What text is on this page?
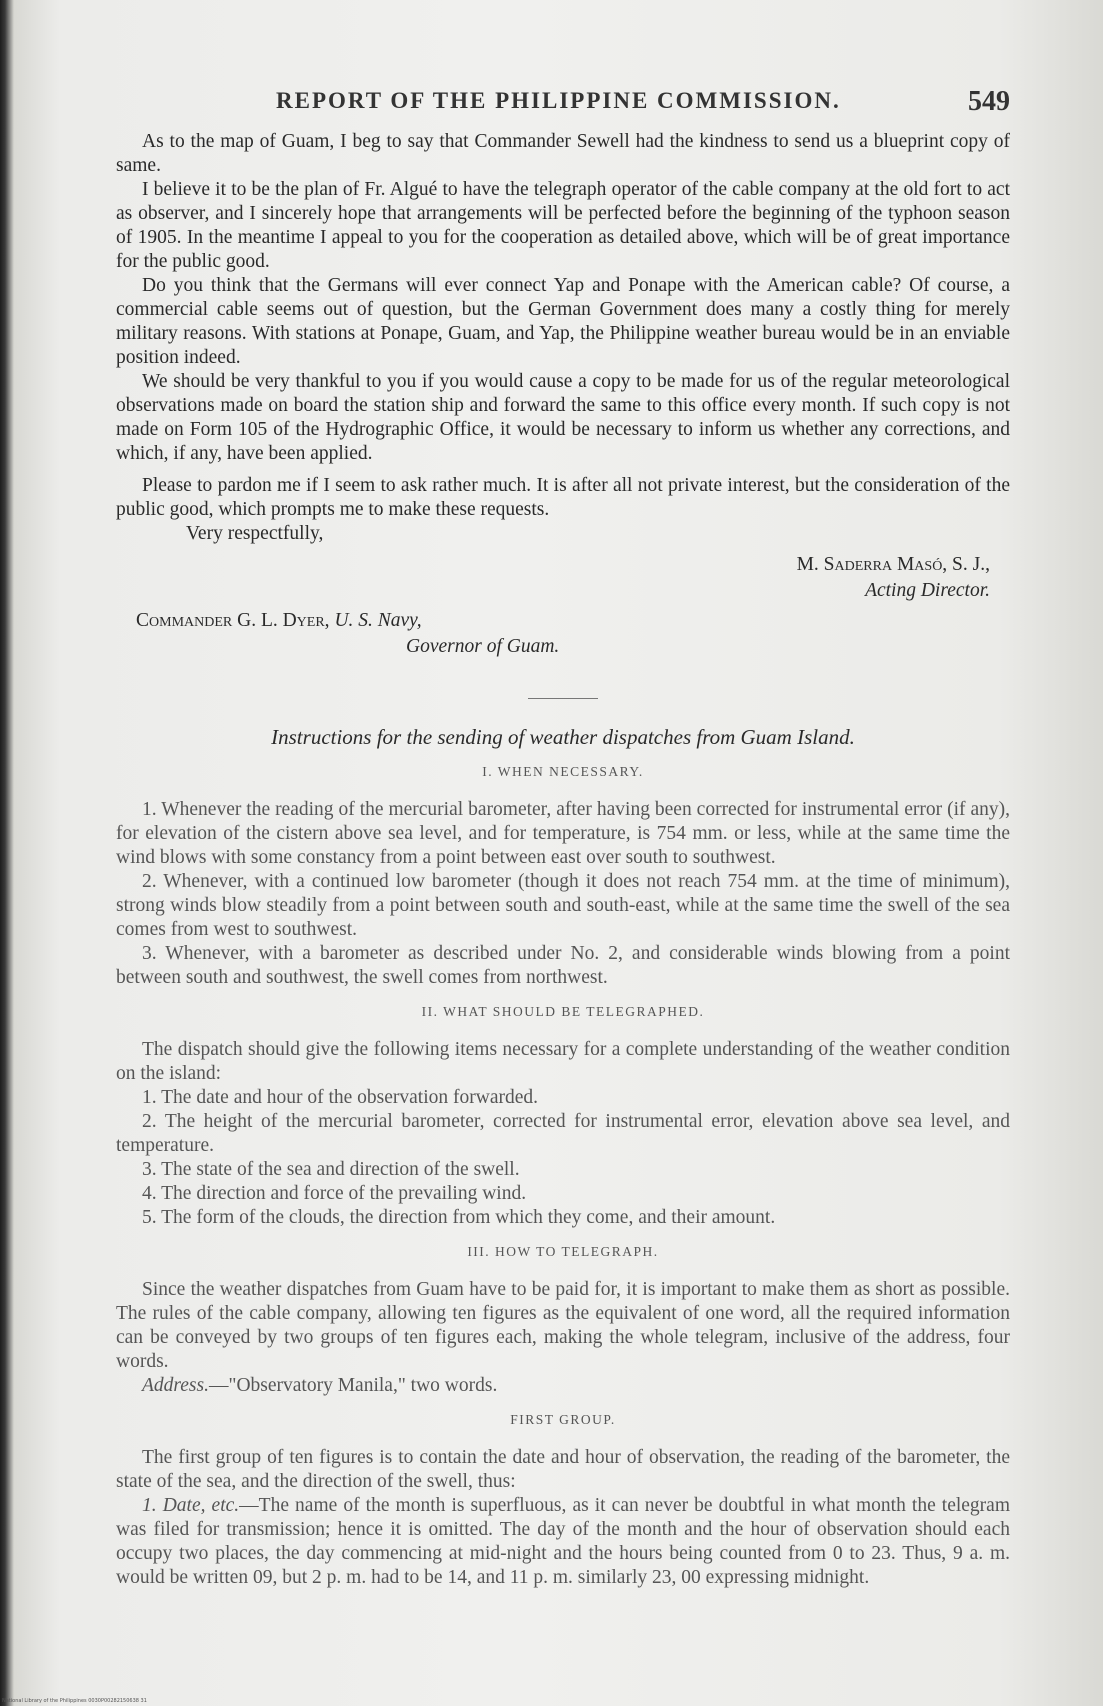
REPORT OF THE PHILIPPINE COMMISSION.	549

As to the map of Guam, I beg to say that Commander Sewell had the kindness to send us a blueprint copy of same.

I believe it to be the plan of Fr. Algué to have the telegraph operator of the cable company at the old fort to act as observer, and I sincerely hope that arrangements will be perfected before the beginning of the typhoon season of 1905. In the meantime I appeal to you for the cooperation as detailed above, which will be of great importance for the public good.

Do you think that the Germans will ever connect Yap and Ponape with the American cable? Of course, a commercial cable seems out of question, but the German Government does many a costly thing for merely military reasons. With stations at Ponape, Guam, and Yap, the Philippine weather bureau would be in an enviable position indeed.

We should be very thankful to you if you would cause a copy to be made for us of the regular meteorological observations made on board the station ship and forward the same to this office every month. If such copy is not made on Form 105 of the Hydrographic Office, it would be necessary to inform us whether any corrections, and which, if any, have been applied.

Please to pardon me if I seem to ask rather much. It is after all not private interest, but the consideration of the public good, which prompts me to make these requests.

Very respectfully,
M. Saderra Masó, S. J.,
Acting Director.
Commander G. L. Dyer, U. S. Navy,
Governor of Guam.
Instructions for the sending of weather dispatches from Guam Island.
I. WHEN NECESSARY.

1. Whenever the reading of the mercurial barometer, after having been corrected for instrumental error (if any), for elevation of the cistern above sea level, and for temperature, is 754 mm. or less, while at the same time the wind blows with some constancy from a point between east over south to southwest.

2. Whenever, with a continued low barometer (though it does not reach 754 mm. at the time of minimum), strong winds blow steadily from a point between south and south-east, while at the same time the swell of the sea comes from west to southwest.

3. Whenever, with a barometer as described under No. 2, and considerable winds blowing from a point between south and southwest, the swell comes from northwest.

II. WHAT SHOULD BE TELEGRAPHED.

The dispatch should give the following items necessary for a complete understanding of the weather condition on the island:

1. The date and hour of the observation forwarded.

2. The height of the mercurial barometer, corrected for instrumental error, elevation above sea level, and temperature.

3. The state of the sea and direction of the swell.

4. The direction and force of the prevailing wind.

5. The form of the clouds, the direction from which they come, and their amount.

III. HOW TO TELEGRAPH.

Since the weather dispatches from Guam have to be paid for, it is important to make them as short as possible. The rules of the cable company, allowing ten figures as the equivalent of one word, all the required information can be conveyed by two groups of ten figures each, making the whole telegram, inclusive of the address, four words.

Address.—"Observatory Manila," two words.

FIRST GROUP.

The first group of ten figures is to contain the date and hour of observation, the reading of the barometer, the state of the sea, and the direction of the swell, thus:

1. Date, etc.—The name of the month is superfluous, as it can never be doubtful in what month the telegram was filed for transmission; hence it is omitted. The day of the month and the hour of observation should each occupy two places, the day commencing at mid-night and the hours being counted from 0 to 23. Thus, 9 a. m. would be written 09, but 2 p. m. had to be 14, and 11 p. m. similarly 23, 00 expressing midnight.

National Library of the Philippines 0030P00282150638 31
